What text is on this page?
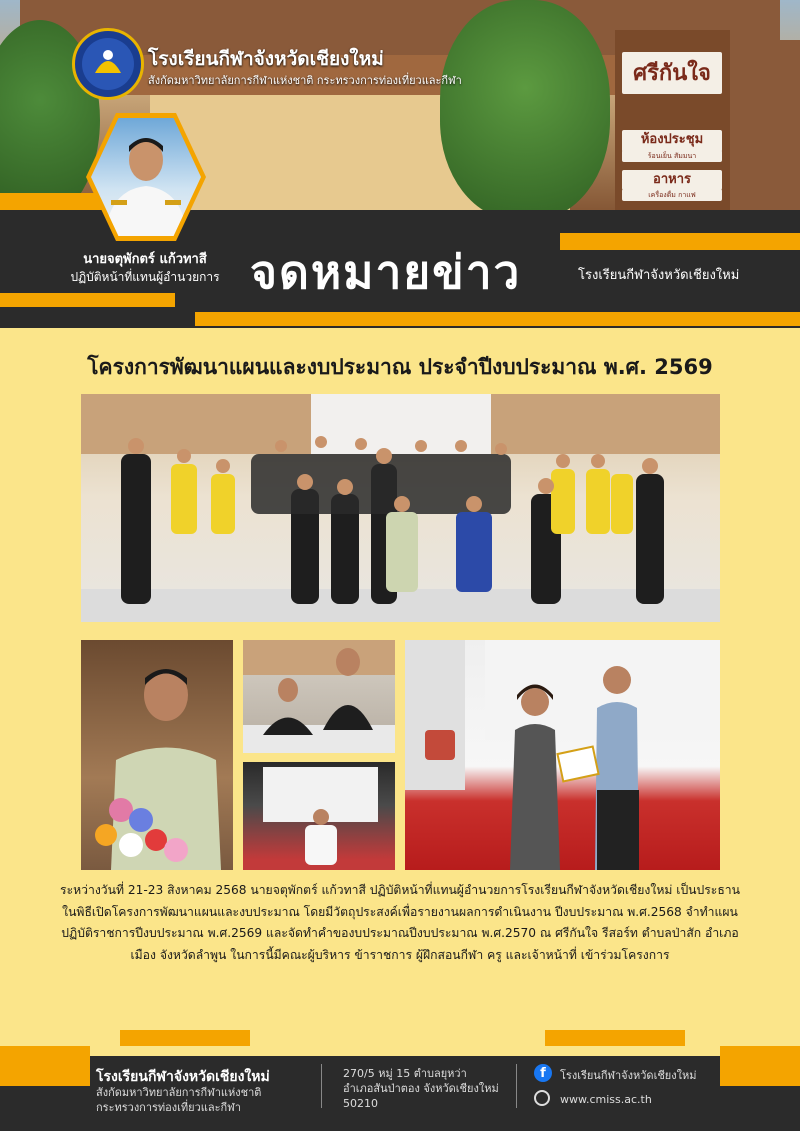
ศรีกันใจ
ห้องประชุม
ร้อนเย็น สัมมนา
อาหาร
เครื่องดื่ม กาแฟ
โรงเรียนกีฬาจังหวัดเชียงใหม่
สังกัดมหาวิทยาลัยการกีฬาแห่งชาติ กระทรวงการท่องเที่ยวและกีฬา
นายจตุพักตร์ แก้วทาสี
ปฏิบัติหน้าที่แทนผู้อำนวยการ จดหมายข่าว	โรงเรียนกีฬาจังหวัดเชียงใหม่
โครงการพัฒนาแผนและงบประมาณ ประจำปีงบประมาณ พ.ศ. 2569
ระหว่างวันที่ 21-23 สิงหาคม 2568 นายจตุพักตร์ แก้วทาสี ปฏิบัติหน้าที่แทนผู้อำนวยการโรงเรียนกีฬาจังหวัดเชียงใหม่ เป็นประธานในพิธีเปิดโครงการพัฒนาแผนและงบประมาณ โดยมีวัตถุประสงค์เพื่อรายงานผลการดำเนินงาน ปีงบประมาณ พ.ศ.2568 จำทำแผนปฏิบัติราชการปีงบประมาณ พ.ศ.2569 และจัดทำคำของบประมาณปีงบประมาณ พ.ศ.2570 ณ ศรีกันใจ รีสอร์ท ตำบลป่าสัก อำเภอเมือง จังหวัดลำพูน ในการนี้มีคณะผู้บริหาร ข้าราชการ ผู้ฝึกสอนกีฬา ครู และเจ้าหน้าที่ เข้าร่วมโครงการ
โรงเรียนกีฬาจังหวัดเชียงใหม่
สังกัดมหาวิทยาลัยการกีฬาแห่งชาติ
กระทรวงการท่องเที่ยวและกีฬา
270/5 หมู่ 15 ตำบลยุหว่า
อำเภอสันป่าตอง จังหวัดเชียงใหม่
50210
f	โรงเรียนกีฬาจังหวัดเชียงใหม่
www.cmiss.ac.th
